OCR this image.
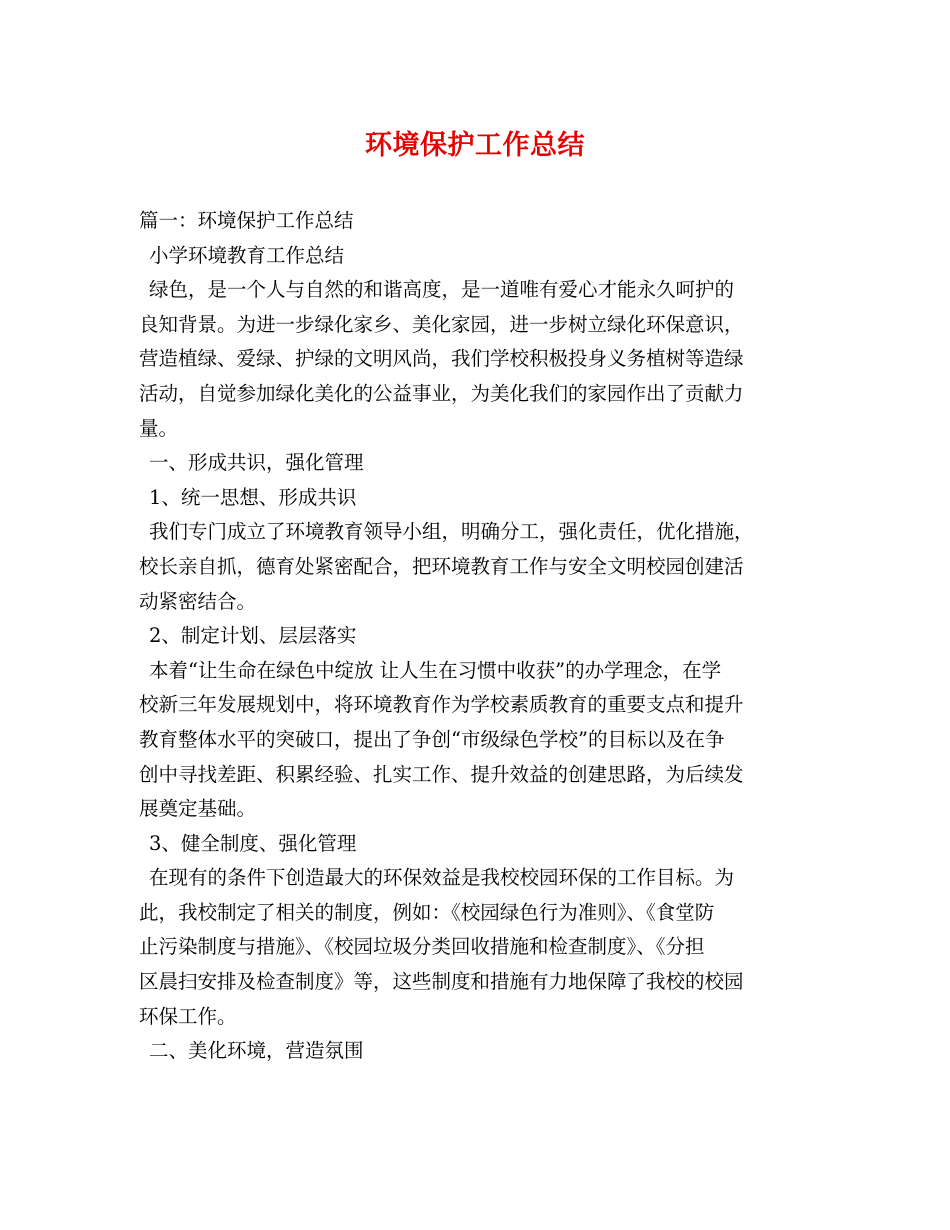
环境保护工作总结
篇一：环境保护工作总结
小学环境教育工作总结
绿色，是一个人与自然的和谐高度，是一道唯有爱心才能永久呵护的
良知背景。为进一步绿化家乡、美化家园，进一步树立绿化环保意识，
营造植绿、爱绿、护绿的文明风尚，我们学校积极投身义务植树等造绿
活动，自觉参加绿化美化的公益事业，为美化我们的家园作出了贡献力
量。
一、形成共识，强化管理
1、统一思想、形成共识
我们专门成立了环境教育领导小组，明确分工，强化责任，优化措施，
校长亲自抓，德育处紧密配合，把环境教育工作与安全文明校园创建活
动紧密结合。
2、制定计划、层层落实
本着“让生命在绿色中绽放 让人生在习惯中收获”的办学理念，在学
校新三年发展规划中，将环境教育作为学校素质教育的重要支点和提升
教育整体水平的突破口，提出了争创“市级绿色学校”的目标以及在争
创中寻找差距、积累经验、扎实工作、提升效益的创建思路，为后续发
展奠定基础。
3、健全制度、强化管理
在现有的条件下创造最大的环保效益是我校校园环保的工作目标。为
此，我校制定了相关的制度，例如：《校园绿色行为准则》、《食堂防
止污染制度与措施》、《校园垃圾分类回收措施和检查制度》、《分担
区晨扫安排及检查制度》等，这些制度和措施有力地保障了我校的校园
环保工作。
二、美化环境，营造氛围
